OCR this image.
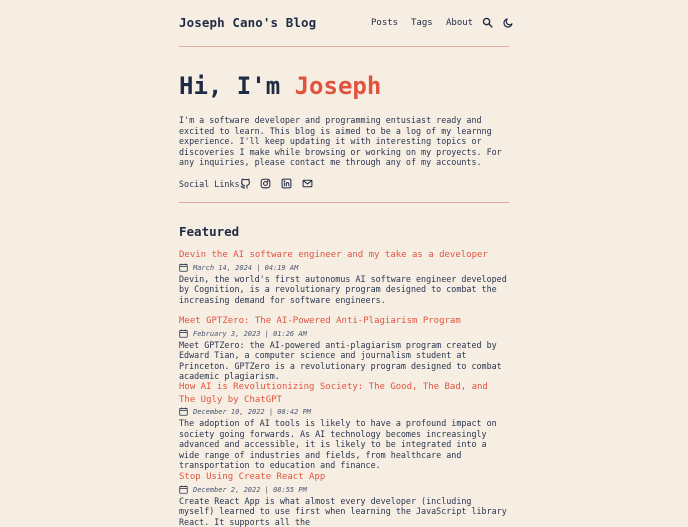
Joseph Cano's Blog	Posts Tags About
Hi, I'm Joseph

I'm a software developer and programming entusiast ready and excited to learn. This blog is aimed to be a log of my learnng experience. I'll keep updating it with interesting topics or discoveries I make while browsing or working on my proyects. For any inquiries, please contact me through any of my accounts.

Social Links:
Featured
Devin the AI software engineer and my take as a developer
March 14, 2024 | 04:19 AM

Devin, the world's first autonomus AI software engineer developed by Cognition, is a revolutionary program designed to combat the increasing demand for software engineers.

Meet GPTZero: The AI-Powered Anti-Plagiarism Program
February 3, 2023 | 01:26 AM

Meet GPTZero: the AI-powered anti-plagiarism program created by Edward Tian, a computer science and journalism student at Princeton. GPTZero is a revolutionary program designed to combat academic plagiarism.

How AI is Revolutionizing Society: The Good, The Bad, and The Ugly by ChatGPT
December 10, 2022 | 08:42 PM

The adoption of AI tools is likely to have a profound impact on society going forwards. As AI technology becomes increasingly advanced and accessible, it is likely to be integrated into a wide range of industries and fields, from healthcare and transportation to education and finance.

Stop Using Create React App
December 2, 2022 | 08:55 PM

Create React App is what almost every developer (including myself) learned to use first when learning the JavaScript library React. It supports all the
